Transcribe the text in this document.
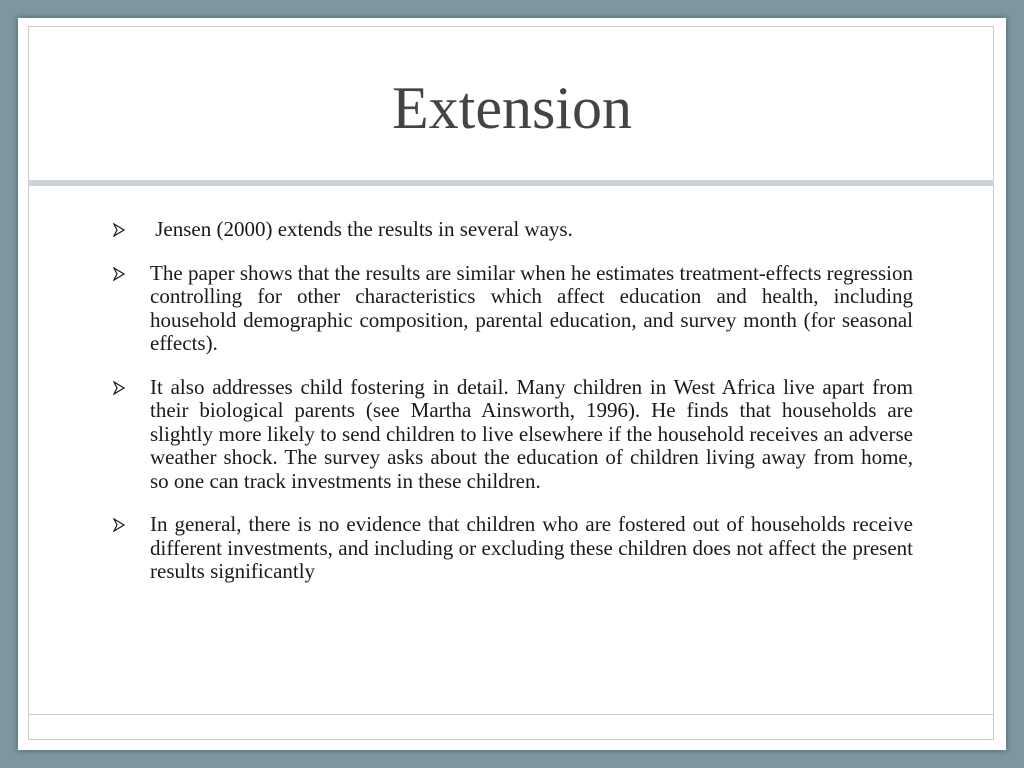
Extension
Jensen (2000) extends the results in several ways.
The paper shows that the results are similar when he estimates treatment-effects regression controlling for other characteristics which affect education and health, including household demographic composition, parental education, and survey month (for seasonal effects).
It also addresses child fostering in detail. Many children in West Africa live apart from their biological parents (see Martha Ainsworth, 1996). He finds that households are slightly more likely to send children to live elsewhere if the household receives an adverse weather shock. The survey asks about the education of children living away from home, so one can track investments in these children.
In general, there is no evidence that children who are fostered out of households receive different investments, and including or excluding these children does not affect the present results significantly
